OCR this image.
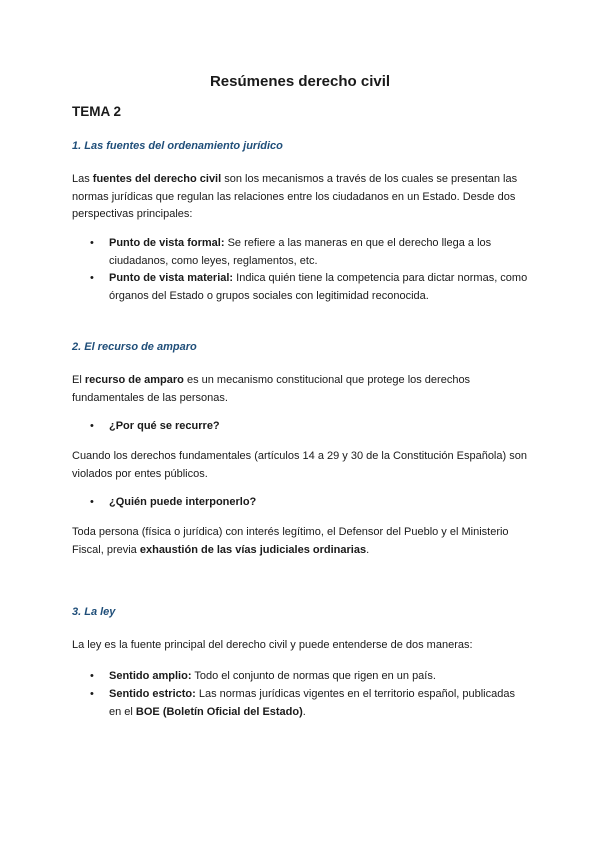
Resúmenes derecho civil
TEMA 2
1. Las fuentes del ordenamiento jurídico

Las fuentes del derecho civil son los mecanismos a través de los cuales se presentan las normas jurídicas que regulan las relaciones entre los ciudadanos en un Estado. Desde dos perspectivas principales:

• Punto de vista formal: Se refiere a las maneras en que el derecho llega a los ciudadanos, como leyes, reglamentos, etc.

• Punto de vista material: Indica quién tiene la competencia para dictar normas, como órganos del Estado o grupos sociales con legitimidad reconocida.

2. El recurso de amparo

El recurso de amparo es un mecanismo constitucional que protege los derechos fundamentales de las personas.

• ¿Por qué se recurre?

Cuando los derechos fundamentales (artículos 14 a 29 y 30 de la Constitución Española) son violados por entes públicos.

• ¿Quién puede interponerlo?

Toda persona (física o jurídica) con interés legítimo, el Defensor del Pueblo y el Ministerio Fiscal, previa exhaustión de las vías judiciales ordinarias.

3. La ley

La ley es la fuente principal del derecho civil y puede entenderse de dos maneras:

• Sentido amplio: Todo el conjunto de normas que rigen en un país.

• Sentido estricto: Las normas jurídicas vigentes en el territorio español, publicadas en el BOE (Boletín Oficial del Estado).
